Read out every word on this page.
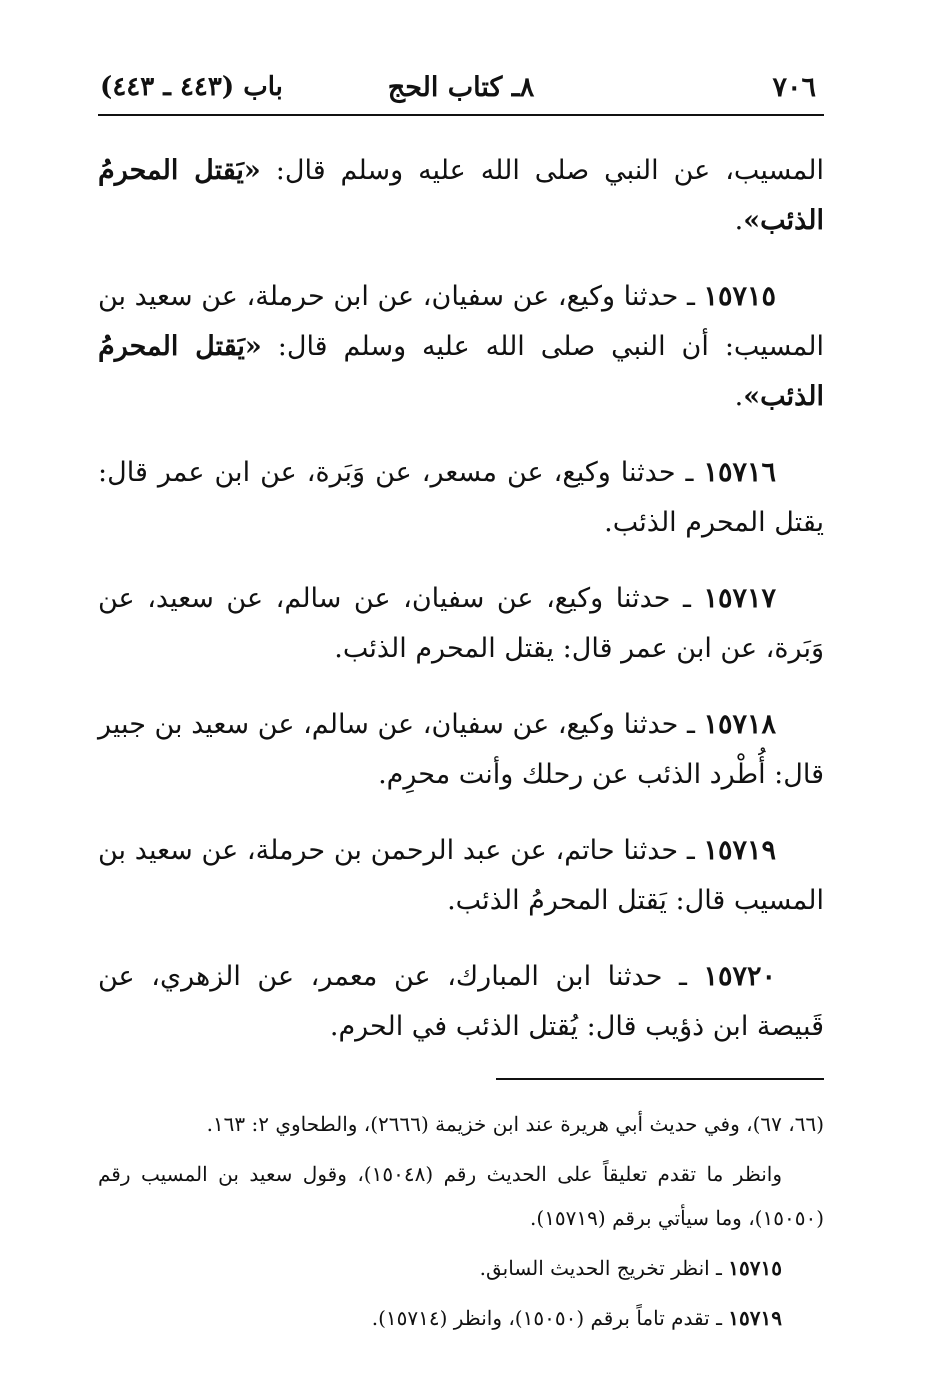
٧٠٦
٨ـ كتاب الحج
باب (٤٤٣ ـ ٤٤٣)

المسيب، عن النبي صلى الله عليه وسلم قال: «يَقتل المحرمُ الذئب».

١٥٧١٥ ـ حدثنا وكيع، عن سفيان، عن ابن حرملة، عن سعيد بن المسيب: أن النبي صلى الله عليه وسلم قال: «يَقتل المحرمُ الذئب».

١٥٧١٦ ـ حدثنا وكيع، عن مسعر، عن وَبَرة، عن ابن عمر قال: يقتل المحرم الذئب.

١٥٧١٧ ـ حدثنا وكيع، عن سفيان، عن سالم، عن سعيد، عن وَبَرة، عن ابن عمر قال: يقتل المحرم الذئب.

١٥٧١٨ ـ حدثنا وكيع، عن سفيان، عن سالم، عن سعيد بن جبير قال: أُطْرد الذئب عن رحلك وأنت محرِم.

١٥٧١٩ ـ حدثنا حاتم، عن عبد الرحمن بن حرملة، عن سعيد بن المسيب قال: يَقتل المحرمُ الذئب.

١٥٧٢٠ ـ حدثنا ابن المبارك، عن معمر، عن الزهري، عن قَبيصة ابن ذؤيب قال: يُقتل الذئب في الحرم.

(٦٦، ٦٧)، وفي حديث أبي هريرة عند ابن خزيمة (٢٦٦٦)، والطحاوي ٢: ١٦٣.

وانظر ما تقدم تعليقاً على الحديث رقم (١٥٠٤٨)، وقول سعيد بن المسيب رقم (١٥٠٥٠)، وما سيأتي برقم (١٥٧١٩).

١٥٧١٥ ـ انظر تخريج الحديث السابق.

١٥٧١٩ ـ تقدم تاماً برقم (١٥٠٥٠)، وانظر (١٥٧١٤).
